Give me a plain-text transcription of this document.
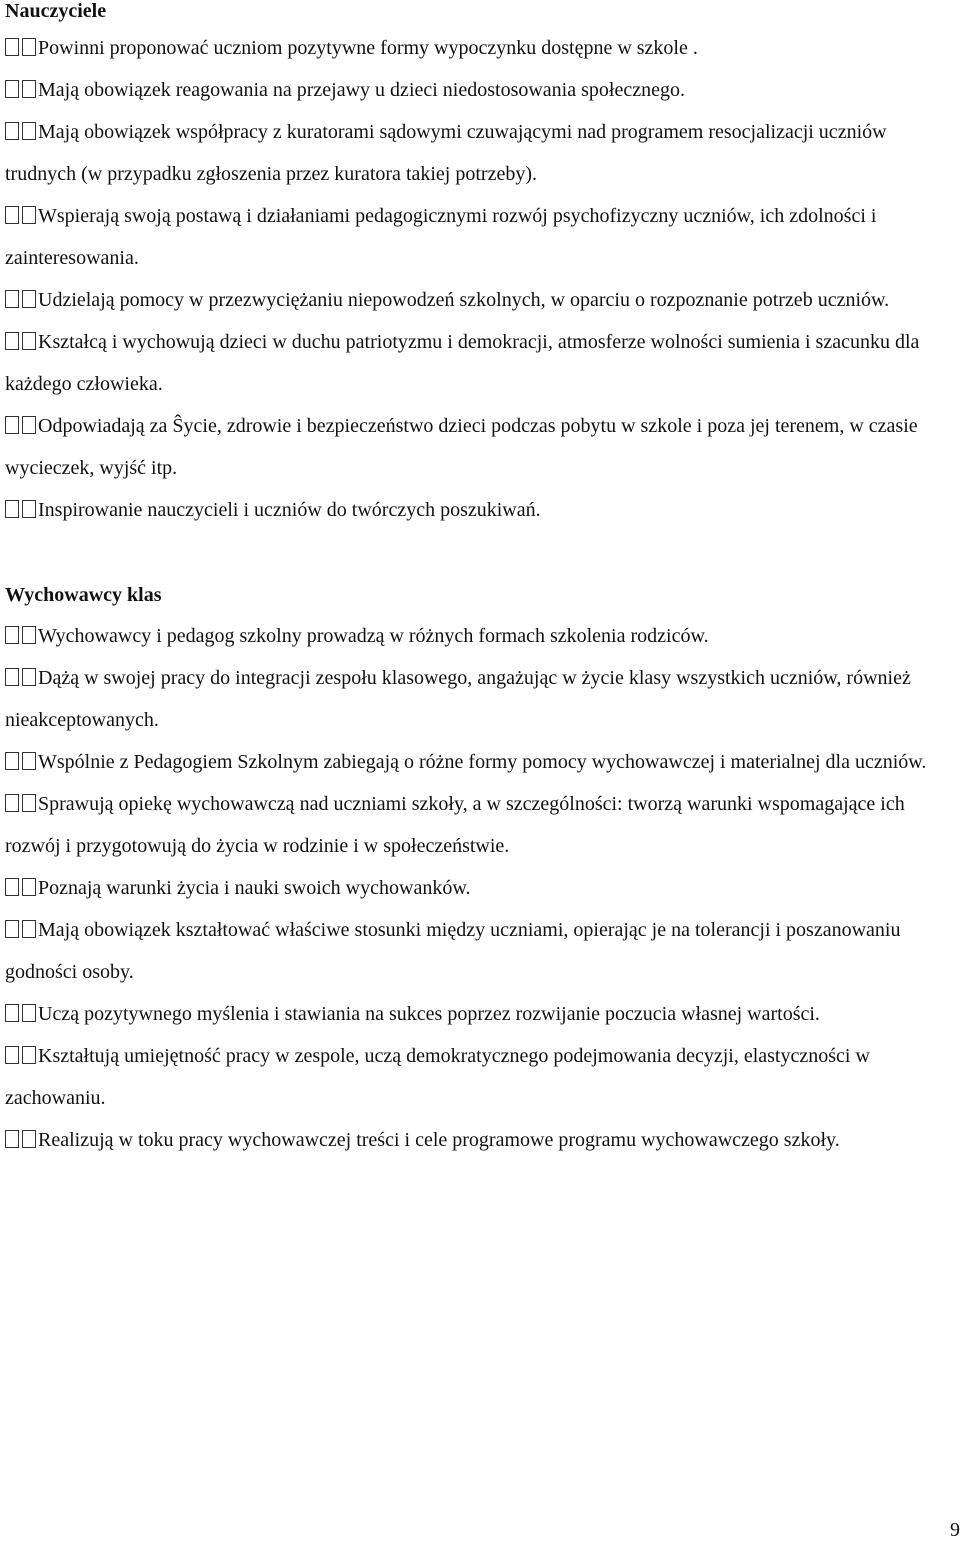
Nauczyciele
Powinni proponować uczniom pozytywne formy wypoczynku dostępne w szkole .
Mają obowiązek reagowania na przejawy u dzieci niedostosowania społecznego.
Mają obowiązek współpracy z kuratorami sądowymi czuwającymi nad programem resocjalizacji uczniów trudnych (w przypadku zgłoszenia przez kuratora takiej potrzeby).
Wspierają swoją postawą i działaniami pedagogicznymi rozwój psychofizyczny uczniów, ich zdolności i zainteresowania.
Udzielają pomocy w przezwyciężaniu niepowodzeń szkolnych, w oparciu o rozpoznanie potrzeb uczniów.
Kształcą i wychowują dzieci w duchu patriotyzmu i demokracji, atmosferze wolności sumienia i szacunku dla każdego człowieka.
Odpowiadają za Ŝycie, zdrowie i bezpieczeństwo dzieci podczas pobytu w szkole i poza jej terenem, w czasie wycieczek, wyjść itp.
Inspirowanie nauczycieli i uczniów do twórczych poszukiwań.
Wychowawcy klas
Wychowawcy i pedagog szkolny prowadzą w różnych formach szkolenia rodziców.
Dążą w swojej pracy do integracji zespołu klasowego, angażując w życie klasy wszystkich uczniów, również nieakceptowanych.
Wspólnie z Pedagogiem Szkolnym zabiegają o różne formy pomocy wychowawczej i materialnej dla uczniów.
Sprawują opiekę wychowawczą nad uczniami szkoły, a w szczególności: tworzą warunki wspomagające ich rozwój i przygotowują do życia w rodzinie i w społeczeństwie.
Poznają warunki życia i nauki swoich wychowanków.
Mają obowiązek kształtować właściwe stosunki między uczniami, opierając je na tolerancji i poszanowaniu godności osoby.
Uczą pozytywnego myślenia i stawiania na sukces poprzez rozwijanie poczucia własnej wartości.
Kształtują umiejętność pracy w zespole, uczą demokratycznego podejmowania decyzji, elastyczności w zachowaniu.
Realizują w toku pracy wychowawczej treści i cele programowe programu wychowawczego szkoły.
9
